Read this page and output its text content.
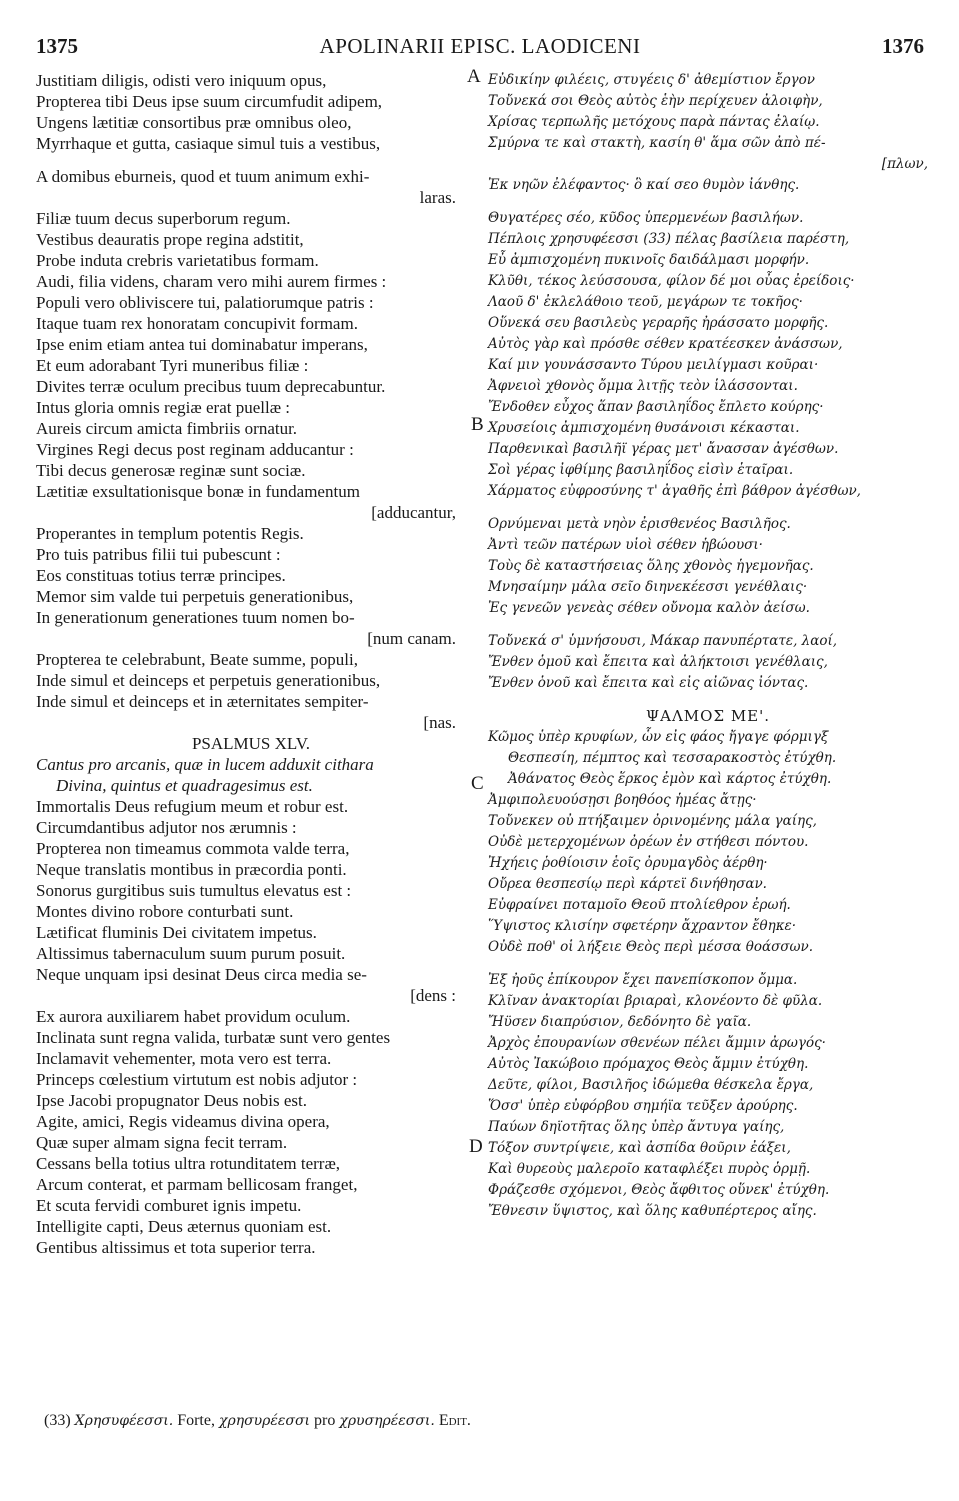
1375	APOLINARII EPISC. LAODICENI	1376
Justitiam diligis, odisti vero iniquum opus,
Propterea tibi Deus ipse suum circumfudit adipem,
Ungens lætitiæ consortibus præ omnibus oleo,
Myrrhaque et gutta, casiaque simul tuis a vestibus,
A domibus eburneis, quod et tuum animum exhi-
laras.
Filiæ tuum decus superborum regum.
Vestibus deauratis prope regina adstitit,
Probe induta crebris varietatibus formam.
Audi, filia videns, charam vero mihi aurem firmes :
Populi vero obliviscere tui, palatiorumque patris :
Itaque tuam rex honoratam concupivit formam.
Ipse enim etiam antea tui dominabatur imperans,
Et eum adorabant Tyri muneribus filiæ :
Divites terræ oculum precibus tuum deprecabuntur.
Intus gloria omnis regiæ erat puellæ :
Aureis circum amicta fimbriis ornatur.
Virgines Regi decus post reginam adducantur :
Tibi decus generosæ reginæ sunt sociæ.
Lætitiæ exsultationisque bonæ in fundamentum
[adducantur,
Properantes in templum potentis Regis.
Pro tuis patribus filii tui pubescunt :
Eos constituas totius terræ principes.
Memor sim valde tui perpetuis generationibus,
In generationum generationes tuum nomen bo-
[num canam.
Propterea te celebrabunt, Beate summe, populi,
Inde simul et deinceps et perpetuis generationibus,
Inde simul et deinceps et in æternitates sempiter-
[nas.
PSALMUS XLV.
Cantus pro arcanis, quæ in lucem adduxit cithara
Divina, quintus et quadragesimus est.
Immortalis Deus refugium meum et robur est.
Circumdantibus adjutor nos ærumnis :
Propterea non timeamus commota valde terra,
Neque translatis montibus in præcordia ponti.
Sonorus gurgitibus suis tumultus elevatus est :
Montes divino robore conturbati sunt.
Lætificat fluminis Dei civitatem impetus.
Altissimus tabernaculum suum purum posuit.
Neque unquam ipsi desinat Deus circa media se-
[dens :
Ex aurora auxiliarem habet providum oculum.
Inclinata sunt regna valida, turbatæ sunt vero gentes
Inclamavit vehementer, mota vero est terra.
Princeps cœlestium virtutum est nobis adjutor :
Ipse Jacobi propugnator Deus nobis est.
Agite, amici, Regis videamus divina opera,
Quæ super almam signa fecit terram.
Cessans bella totius ultra rotunditatem terræ,
Arcum conterat, et parmam bellicosam franget,
Et scuta fervidi comburet ignis impetu.
Intelligite capti, Deus æternus quoniam est.
Gentibus altissimus et tota superior terra.
Εὐδικίην φιλέεις, στυγέεις δ' ἀθεμίστιον ἔργον
Τοὔνεκά σοι Θεὸς αὐτὸς ἑὴν περίχευεν ἀλοιφὴν,
Χρίσας τερπωλῆς μετόχους παρὰ πάντας ἐλαίῳ.
Σμύρνα τε καὶ στακτὴ, κασίη θ' ἅμα σῶν ἀπὸ πέ-
[πλων,
Ἐκ νηῶν ἐλέφαντος· ὃ καί σεο θυμὸν ἰάνθης.
Θυγατέρες σέο, κῦδος ὑπερμενέων βασιλήων.
Πέπλοις χρησυφέεσσι (33) πέλας βασίλεια παρέστη,
Εὖ ἀμπισχομένη πυκινοῖς δαιδάλμασι μορφήν.
Κλῦθι, τέκος λεύσσουσα, φίλον δέ μοι οὖας ἐρείδοις·
Λαοῦ δ' ἐκλελάθοιο τεοῦ, μεγάρων τε τοκῆος·
Οὕνεκά σευ βασιλεὺς γεραρῆς ἠράσσατο μορφῆς.
Αὐτὸς γὰρ καὶ πρόσθε σέθεν κρατέεσκεν ἀνάσσων,
Καί μιν γουνάσσαντο Τύρου μειλίγμασι κοῦραι·
Ἀφνειοὶ χθονὸς ὄμμα λιτῇς τεὸν ἱλάσσονται.
Ἔνδοθεν εὖχος ἅπαν βασιληΐδος ἔπλετο κούρης·
Χρυσείοις ἀμπισχομένη θυσάνοισι κέκασται.
Παρθενικαὶ βασιλῆϊ γέρας μετ' ἄνασσαν ἀγέσθων.
Σοὶ γέρας ἰφθίμης βασιληΐδος εἰσὶν ἑταῖραι.
Χάρματος εὐφροσύνης τ' ἀγαθῆς ἐπὶ βάθρον ἀγέσθων,
Ορνύμεναι μετὰ νηὸν ἐρισθενέος Βασιλῆος.
Ἀντὶ τεῶν πατέρων υἱοὶ σέθεν ἡβώουσι·
Τοὺς δὲ καταστήσειας ὅλης χθονὸς ἡγεμονῆας.
Μνησαίμην μάλα σεῖο διηνεκέεσσι γενέθλαις·
Ἐς γενεῶν γενεὰς σέθεν οὔνομα καλὸν ἀείσω.
Τοὔνεκά σ' ὑμνήσουσι, Μάκαρ πανυπέρτατε, λαοί,
Ἔνθεν ὁμοῦ καὶ ἔπειτα καὶ ἀλήκτοισι γενέθλαις,
Ἔνθεν ὁνοῦ καὶ ἔπειτα καὶ εἰς αἰῶνας ἰόντας.
ΨΑΛΜΟΣ ΜΕ'.
Κῶμος ὑπὲρ κρυφίων, ὧν εἰς φάος ἤγαγε φόρμιγξ
Θεσπεσίη, πέμπτος καὶ τεσσαρακοστὸς ἐτύχθη.
Ἀθάνατος Θεὸς ἕρκος ἐμὸν καὶ κάρτος ἐτύχθη.
Ἀμφιπολευούσῃσι βοηθόος ἡμέας ἄτῃς·
Τοὔνεκεν οὐ πτήξαιμεν ὀρινομένης μάλα γαίης,
Οὐδὲ μετερχομένων ὀρέων ἐν στήθεσι πόντου.
Ἠχήεις ῥοθίοισιν ἑοῖς ὀρυμαγδὸς ἀέρθη·
Οὔρεα θεσπεσίῳ περὶ κάρτεϊ δινήθησαν.
Εὐφραίνει ποταμοῖο Θεοῦ πτολίεθρον ἐρωή.
Ὕψιστος κλισίην σφετέρην ἄχραντον ἔθηκε·
Οὐδὲ ποθ' οἱ λήξειε Θεὸς περὶ μέσσα θοάσσων.
Ἐξ ἠοῦς ἐπίκουρον ἔχει πανεπίσκοπον ὄμμα.
Κλῖναν ἀνακτορίαι βριαραὶ, κλονέοντο δὲ φῦλα.
Ἤϋσεν διαπρύσιον, δεδόνητο δὲ γαῖα.
Ἀρχὸς ἐπουρανίων σθενέων πέλει ἄμμιν ἀρωγός·
Αὐτὸς Ἰακώβοιο πρόμαχος Θεὸς ἄμμιν ἐτύχθη.
Δεῦτε, φίλοι, Βασιλῆος ἰδώμεθα θέσκελα ἔργα,
Ὅσσ' ὑπὲρ εὐφόρβου σημήϊα τεῦξεν ἀρούρης.
Παύων δηϊοτῆτας ὅλης ὑπὲρ ἄντυγα γαίης,
Τόξον συντρίψειε, καὶ ἀσπίδα θοῦριν ἐάξει,
Καὶ θυρεοὺς μαλεροῖο καταφλέξει πυρὸς ὁρμῇ.
Φράζεσθε σχόμενοι, Θεὸς ἄφθιτος οὕνεκ' ἐτύχθη.
Ἔθνεσιν ὕψιστος, καὶ ὅλης καθυπέρτερος αἴης.
A
B
C
D
(33) Χρησυφέεσσι. Forte, χρησυρέεσσι pro χρυσηρέεσσι. Edit.
